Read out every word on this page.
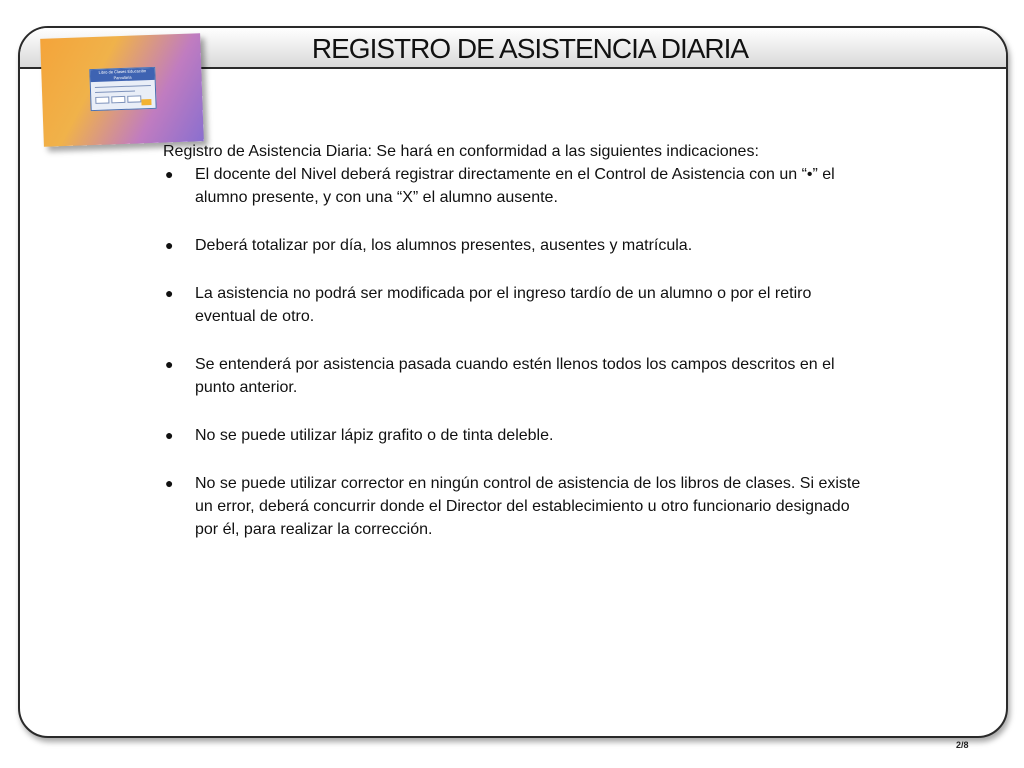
REGISTRO DE ASISTENCIA DIARIA
Libro de Clases Educación Parvularia

Registro de Asistencia Diaria: Se hará en conformidad a las siguientes indicaciones:

● El docente del Nivel deberá registrar directamente en el Control de Asistencia con un “•” el alumno presente, y con una “X” el alumno ausente.
● Deberá totalizar por día, los alumnos presentes, ausentes y matrícula.
● La asistencia no podrá ser modificada por el ingreso tardío de un alumno o por el retiro eventual de otro.
● Se entenderá por asistencia pasada cuando estén llenos todos los campos descritos en el punto anterior.
● No se puede utilizar lápiz grafito o de tinta deleble.
● No se puede utilizar corrector en ningún control de asistencia de los libros de clases. Si existe un error, deberá concurrir donde el Director del establecimiento u otro funcionario designado por él, para realizar la corrección.
2/8
